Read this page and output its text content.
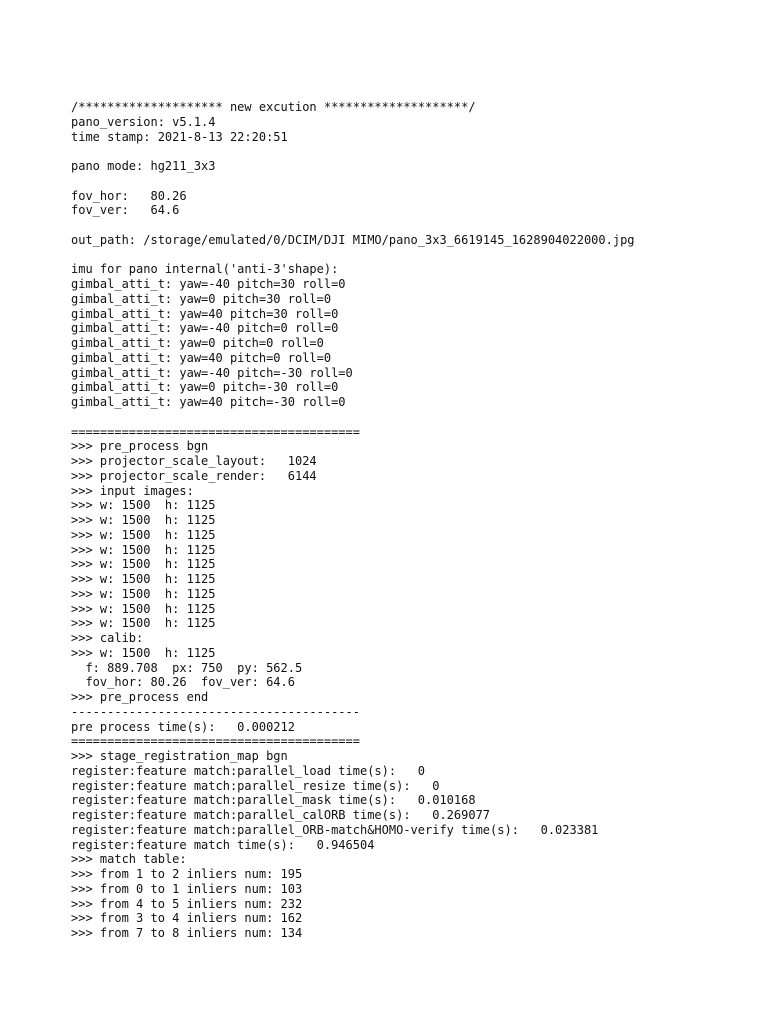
/******************** new excution ********************/
pano_version: v5.1.4
time stamp: 2021-8-13 22:20:51
pano mode: hg211_3x3
fov_hor:   80.26
fov_ver:   64.6
out_path: /storage/emulated/0/DCIM/DJI MIMO/pano_3x3_6619145_1628904022000.jpg
imu for pano internal('anti-3'shape):
gimbal_atti_t: yaw=-40 pitch=30 roll=0
gimbal_atti_t: yaw=0 pitch=30 roll=0
gimbal_atti_t: yaw=40 pitch=30 roll=0
gimbal_atti_t: yaw=-40 pitch=0 roll=0
gimbal_atti_t: yaw=0 pitch=0 roll=0
gimbal_atti_t: yaw=40 pitch=0 roll=0
gimbal_atti_t: yaw=-40 pitch=-30 roll=0
gimbal_atti_t: yaw=0 pitch=-30 roll=0
gimbal_atti_t: yaw=40 pitch=-30 roll=0
========================================
>>> pre_process bgn
>>> projector_scale_layout:   1024
>>> projector_scale_render:   6144
>>> input images:
>>> w: 1500  h: 1125
>>> w: 1500  h: 1125
>>> w: 1500  h: 1125
>>> w: 1500  h: 1125
>>> w: 1500  h: 1125
>>> w: 1500  h: 1125
>>> w: 1500  h: 1125
>>> w: 1500  h: 1125
>>> w: 1500  h: 1125
>>> calib:
>>> w: 1500  h: 1125
f: 889.708  px: 750  py: 562.5
fov_hor: 80.26  fov_ver: 64.6
>>> pre_process end
----------------------------------------
pre process time(s):   0.000212
========================================
>>> stage_registration_map bgn
register:feature match:parallel_load time(s):   0
register:feature match:parallel_resize time(s):   0
register:feature match:parallel_mask time(s):   0.010168
register:feature match:parallel_calORB time(s):   0.269077
register:feature match:parallel_ORB-match&HOMO-verify time(s):   0.023381
register:feature match time(s):   0.946504
>>> match table:
>>> from 1 to 2 inliers num: 195
>>> from 0 to 1 inliers num: 103
>>> from 4 to 5 inliers num: 232
>>> from 3 to 4 inliers num: 162
>>> from 7 to 8 inliers num: 134
